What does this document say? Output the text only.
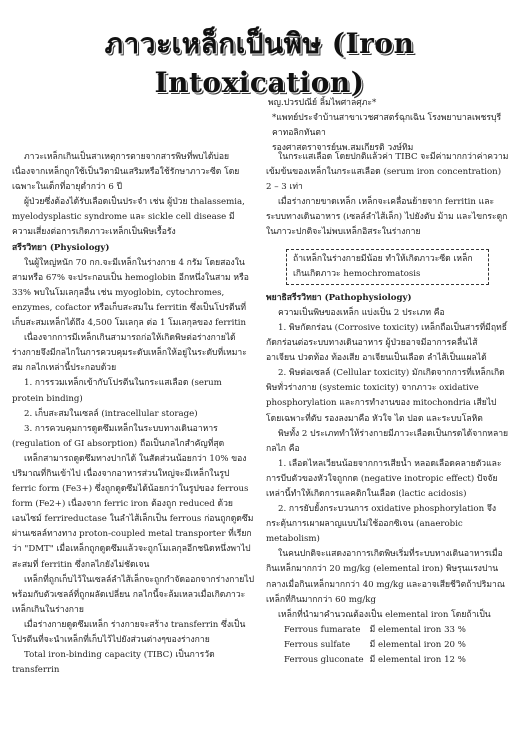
ภาวะเหล็กเป็นพิษ (Iron Intoxication)
พญ.ปวรปณีย์ ลิ้มไพศาลศุภะ*
*แพทย์ประจำบ้านสาขาเวชศาสตร์ฉุกเฉิน โรงพยาบาลเพชรบุรีคาทอลิกทันตา
รองศาสตราจารย์นพ.สมเกียรติ วงษ์ทิม

ภาวะเหล็กเกินเป็นสาเหตุการตายจากสารพิษที่พบได้บ่อยเนื่องจากเหล็กถูกใช้เป็นวิตามินเสริมหรือใช้รักษาภาวะซีด โดยเฉพาะในเด็กที่อายุต่ำกว่า 6 ปี

ผู้ป่วยซึ่งต้องได้รับเลือดเป็นประจำ เช่น ผู้ป่วย thalassemia, myelodysplastic syndrome และ sickle cell disease มีความเสี่ยงต่อการเกิดภาวะเหล็กเป็นพิษเรื้อรัง

สรีรวิทยา (Physiology)

ในผู้ใหญ่หนัก 70 กก.จะมีเหล็กในร่างกาย 4 กรัม โดยสองในสามหรือ 67% จะประกอบเป็น hemoglobin อีกหนึ่งในสาม หรือ 33% พบในโมเลกุลอื่น เช่น myoglobin, cytochromes, enzymes, cofactor หรือเก็บสะสมใน ferritin ซึ่งเป็นโปรตีนที่เก็บสะสมเหล็กได้ถึง 4,500 โมเลกุล ต่อ 1 โมเลกุลของ ferritin

เนื่องจากการมีเหล็กเกินสามารถก่อให้เกิดพิษต่อร่างกายได้ ร่างกายจึงมีกลไกในการควบคุมระดับเหล็กให้อยู่ในระดับที่เหมาะสม กลไกเหล่านี้ประกอบด้วย

1. การรวมเหล็กเข้ากับโปรตีนในกระแสเลือด (serum protein binding)

2. เก็บสะสมในเซลล์ (intracellular storage)

3. การควบคุมการดูดซึมเหล็กในระบบทางเดินอาหาร (regulation of GI absorption) ถือเป็นกลไกสำคัญที่สุด

เหล็กสามารถดูดซึมทางปากได้ ในสัดส่วนน้อยกว่า 10% ของปริมาณที่กินเข้าไป เนื่องจากอาหารส่วนใหญ่จะมีเหล็กในรูป ferric form (Fe3+) ซึ่งถูกดูดซึมได้น้อยกว่าในรูปของ ferrous form (Fe2+) เนื่องจาก ferric iron ต้องถูก reduced ด้วยเอนไซม์ ferrireductase ในลำไส้เล็กเป็น ferrous ก่อนถูกดูดซึมผ่านเซลล์ทางทาง proton-coupled metal transporter ที่เรียกว่า "DMT" เมื่อเหล็กถูกดูดซึมแล้วจะถูกโมเลกุลอีกชนิดหนึ่งพาไปสะสมที่ ferritin ซึ่งกลไกยังไม่ชัดเจน

เหล็กที่ถูกเก็บไว้ในเซลล์ลำไส้เล็กจะถูกกำจัดออกจากร่างกายไปพร้อมกับตัวเซลล์ที่ถูกผลัดเปลี่ยน กลไกนี้จะล้มเหลวเมื่อเกิดภาวะเหล็กเกินในร่างกาย

เมื่อร่างกายดูดซึมเหล็ก ร่างกายจะสร้าง transferrin ซึ่งเป็นโปรตีนที่จะนำเหล็กที่เก็บไว้ไปยังส่วนต่างๆของร่างกาย

Total iron-binding capacity (TIBC) เป็นการวัด transferrin

ในกระแสเลือด โดยปกติแล้วค่า TIBC จะมีค่ามากกว่าค่าความเข้มข้นของเหล็กในกระแสเลือด (serum iron concentration) 2 – 3 เท่า

เมื่อร่างกายขาดเหล็ก เหล็กจะเคลื่อนย้ายจาก ferritin และระบบทางเดินอาหาร (เซลล์ลำไส้เล็ก) ไปยังตับ ม้าม และไขกระดูก ในภาวะปกติจะไม่พบเหล็กอิสระในร่างกาย

ถ้าเหล็กในร่างกายมีน้อย ทำให้เกิดภาวะซีด เหล็กเกินเกิดภาวะ hemochromatosis

พยาธิสรีรวิทยา (Pathophysiology)

ความเป็นพิษของเหล็ก แบ่งเป็น 2 ประเภท คือ

1. พิษกัดกร่อน (Corrosive toxicity) เหล็กถือเป็นสารที่มีฤทธิ์กัดกร่อนต่อระบบทางเดินอาหาร ผู้ป่วยอาจมีอาการคลื่นไส้ อาเจียน ปวดท้อง ท้องเสีย อาเจียนเป็นเลือด ลำไส้เป็นแผลได้

2. พิษต่อเซลล์ (Cellular toxicity) มักเกิดจากการที่เหล็กเกิดพิษทั่วร่างกาย (systemic toxicity) จากภาวะ oxidative phosphorylation และการทำงานของ mitochondria เสียไป โดยเฉพาะที่ตับ รองลงมาคือ หัวใจ ไต ปอด และระบบโลหิต

พิษทั้ง 2 ประเภททำให้ร่างกายมีภาวะเลือดเป็นกรดได้จากหลายกลไก คือ

1. เลือดไหลเวียนน้อยจากการเสียน้ำ หลอดเลือดคลายตัวและการบีบตัวของหัวใจถูกกด (negative inotropic effect) ปัจจัยเหล่านี้ทำให้เกิดการแลคติกในเลือด (lactic acidosis)

2. การยับยั้งกระบวนการ oxidative phosphorylation จึงกระตุ้นการเผาผลาญแบบไม่ใช้ออกซิเจน (anaerobic metabolism)

ในคนปกติจะแสดงอาการเกิดพิษเริ่มที่ระบบทางเดินอาหารเมื่อกินเหล็กมากกว่า 20 mg/kg (elemental iron) พิษรุนแรงปานกลางเมื่อกินเหล็กมากกว่า 40 mg/kg และอาจเสียชีวิตถ้าปริมาณเหล็กที่กินมากกว่า 60 mg/kg

เหล็กที่นำมาคำนวณต้องเป็น elemental iron โดยถ้าเป็น

Ferrous fumarate	มี elemental iron 33 %
Ferrous sulfate	มี elemental iron 20 %
Ferrous gluconate	มี elemental iron 12 %
